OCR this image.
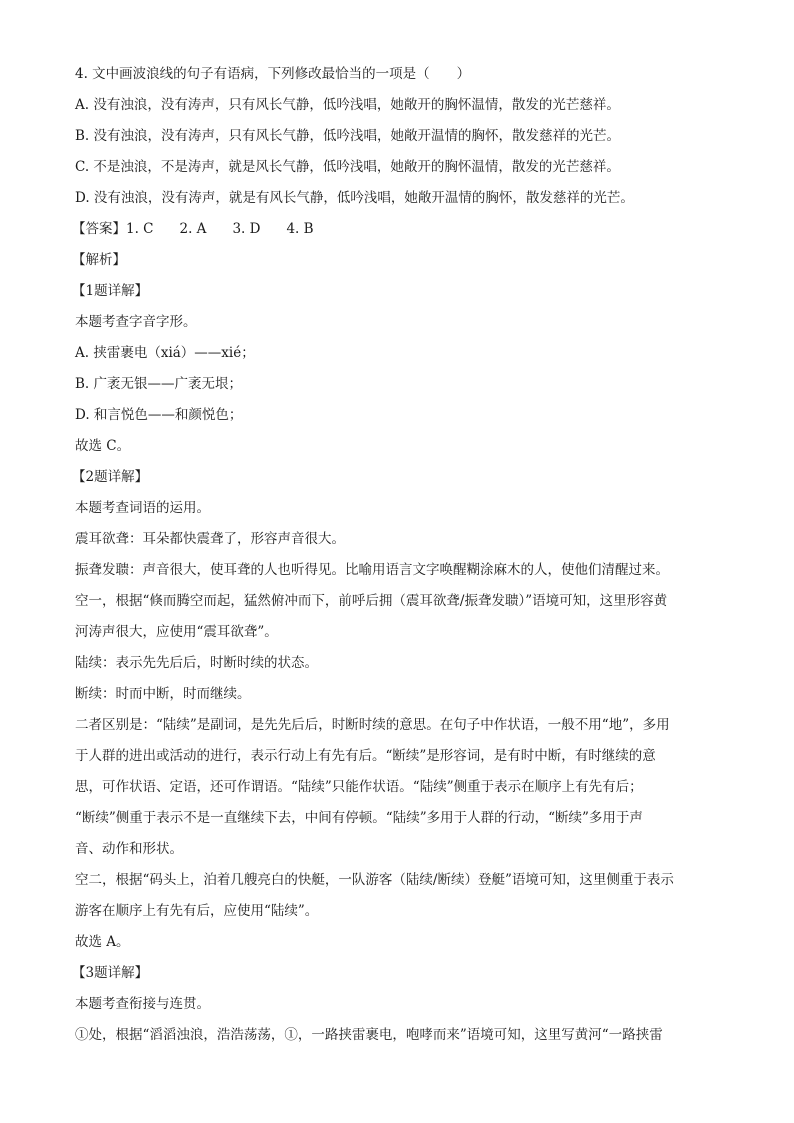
4. 文中画波浪线的句子有语病，下列修改最恰当的一项是（　　）
A. 没有浊浪，没有涛声，只有风长气静，低吟浅唱，她敞开的胸怀温情，散发的光芒慈祥。
B. 没有浊浪，没有涛声，只有风长气静，低吟浅唱，她敞开温情的胸怀，散发慈祥的光芒。
C. 不是浊浪，不是涛声，就是风长气静，低吟浅唱，她敞开的胸怀温情，散发的光芒慈祥。
D. 没有浊浪，没有涛声，就是有风长气静，低吟浅唱，她敞开温情的胸怀，散发慈祥的光芒。
【答案】1. C 2. A 3. D 4. B
【解析】
【1题详解】
本题考查字音字形。
A. 挟雷裹电（xiá）——xié；
B. 广袤无银——广袤无垠；
D. 和言悦色——和颜悦色；
故选 C。
【2题详解】
本题考查词语的运用。
震耳欲聋：耳朵都快震聋了，形容声音很大。
振聋发聩：声音很大，使耳聋的人也听得见。比喻用语言文字唤醒糊涂麻木的人，使他们清醒过来。
空一，根据“倏而腾空而起，猛然俯冲而下，前呼后拥（震耳欲聋/振聋发聩）”语境可知，这里形容黄
河涛声很大，应使用“震耳欲聋”。
陆续：表示先先后后，时断时续的状态。
断续：时而中断，时而继续。
二者区别是：“陆续”是副词，是先先后后，时断时续的意思。在句子中作状语，一般不用“地”，多用
于人群的进出或活动的进行，表示行动上有先有后。“断续”是形容词，是有时中断，有时继续的意
思，可作状语、定语，还可作谓语。“陆续”只能作状语。“陆续”侧重于表示在顺序上有先有后；
“断续”侧重于表示不是一直继续下去，中间有停顿。“陆续”多用于人群的行动，“断续”多用于声
音、动作和形状。
空二，根据“码头上，泊着几艘亮白的快艇，一队游客（陆续/断续）登艇”语境可知，这里侧重于表示
游客在顺序上有先有后，应使用“陆续”。
故选 A。
【3题详解】
本题考查衔接与连贯。
①处，根据“滔滔浊浪，浩浩荡荡，①，一路挟雷裹电，咆哮而来”语境可知，这里写黄河“一路挟雷
